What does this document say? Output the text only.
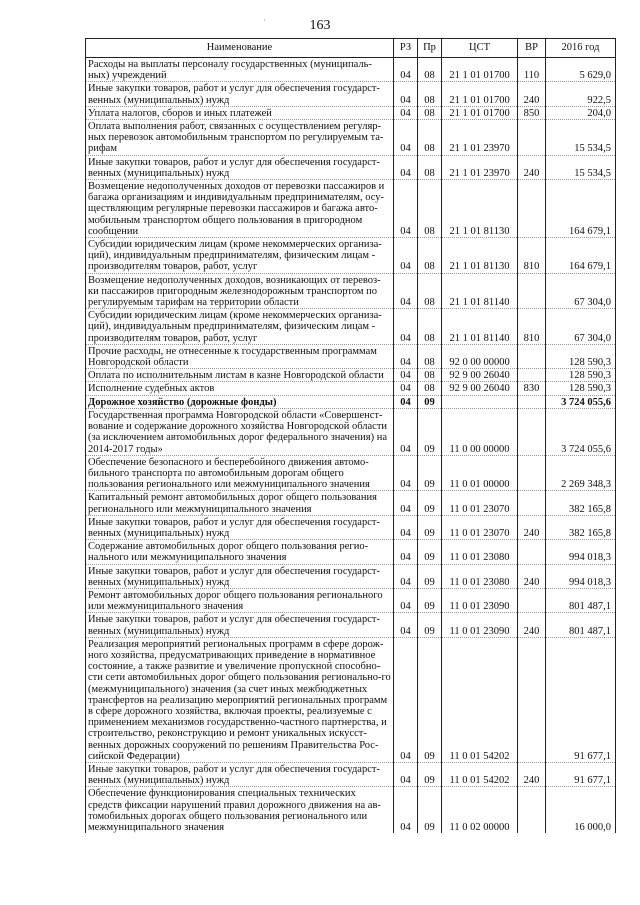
163
·
Наименование	РЗ	Пр	ЦСТ	ВР	2016 год
Расходы на выплаты персоналу государственных (муниципаль-ных) учреждений	04	08	21 1 01 01700	110	5 629,0
Иные закупки товаров, работ и услуг для обеспечения государст-венных (муниципальных) нужд	04	08	21 1 01 01700	240	922,5
Уплата налогов, сборов и иных платежей	04	08	21 1 01 01700	850	204,0
Оплата выполнения работ, связанных с осуществлением регуляр-ных перевозок автомобильным транспортом по регулируемым та-рифам	04	08	21 1 01 23970		15 534,5
Иные закупки товаров, работ и услуг для обеспечения государст-венных (муниципальных) нужд	04	08	21 1 01 23970	240	15 534,5
Возмещение недополученных доходов от перевозки пассажиров и багажа организациям и индивидуальным предпринимателям, осу-ществляющим регулярные перевозки пассажиров и багажа авто-мобильным транспортом общего пользования в пригородном сообщении	04	08	21 1 01 81130		164 679,1
Субсидии юридическим лицам (кроме некоммерческих организа-ций), индивидуальным предпринимателям, физическим лицам - производителям товаров, работ, услуг	04	08	21 1 01 81130	810	164 679,1
Возмещение недополученных доходов, возникающих от перевоз-ки пассажиров пригородным железнодорожным транспортом по регулируемым тарифам на территории области	04	08	21 1 01 81140		67 304,0
Субсидии юридическим лицам (кроме некоммерческих организа-ций), индивидуальным предпринимателям, физическим лицам - производителям товаров, работ, услуг	04	08	21 1 01 81140	810	67 304,0
Прочие расходы, не отнесенные к государственным программам Новгородской области	04	08	92 0 00 00000		128 590,3
Оплата по исполнительным листам в казне Новгородской области	04	08	92 9 00 26040		128 590,3
Исполнение судебных актов	04	08	92 9 00 26040	830	128 590,3
Дорожное хозяйство (дорожные фонды)	04	09			3 724 055,6
Государственная программа Новгородской области «Совершенст-вование и содержание дорожного хозяйства Новгородской области (за исключением автомобильных дорог федерального значения) на 2014-2017 годы»	04	09	11 0 00 00000		3 724 055,6
Обеспечение безопасного и бесперебойного движения автомо-бильного транспорта по автомобильным дорогам общего пользования регионального или межмуниципального значения	04	09	11 0 01 00000		2 269 348,3
Капитальный ремонт автомобильных дорог общего пользования регионального или межмуниципального значения	04	09	11 0 01 23070		382 165,8
Иные закупки товаров, работ и услуг для обеспечения государст-венных (муниципальных) нужд	04	09	11 0 01 23070	240	382 165,8
Содержание автомобильных дорог общего пользования регио-нального или межмуниципального значения	04	09	11 0 01 23080		994 018,3
Иные закупки товаров, работ и услуг для обеспечения государст-венных (муниципальных) нужд	04	09	11 0 01 23080	240	994 018,3
Ремонт автомобильных дорог общего пользования регионального или межмуниципального значения	04	09	11 0 01 23090		801 487,1
Иные закупки товаров, работ и услуг для обеспечения государст-венных (муниципальных) нужд	04	09	11 0 01 23090	240	801 487,1
Реализация мероприятий региональных программ в сфере дорож-ного хозяйства, предусматривающих приведение в нормативное состояние, а также развитие и увеличение пропускной способно-сти сети автомобильных дорог общего пользования регионально-го (межмуниципального) значения (за счет иных межбюджетных трансфертов на реализацию мероприятий региональных программ в сфере дорожного хозяйства, включая проекты, реализуемые с применением механизмов государственно-частного партнерства, и строительство, реконструкцию и ремонт уникальных искусст-венных дорожных сооружений по решениям Правительства Рос-сийской Федерации)	04	09	11 0 01 54202		91 677,1
Иные закупки товаров, работ и услуг для обеспечения государст-венных (муниципальных) нужд	04	09	11 0 01 54202	240	91 677,1
Обеспечение функционирования специальных технических средств фиксации нарушений правил дорожного движения на ав-томобильных дорогах общего пользования регионального или межмуниципального значения	04	09	11 0 02 00000		16 000,0
